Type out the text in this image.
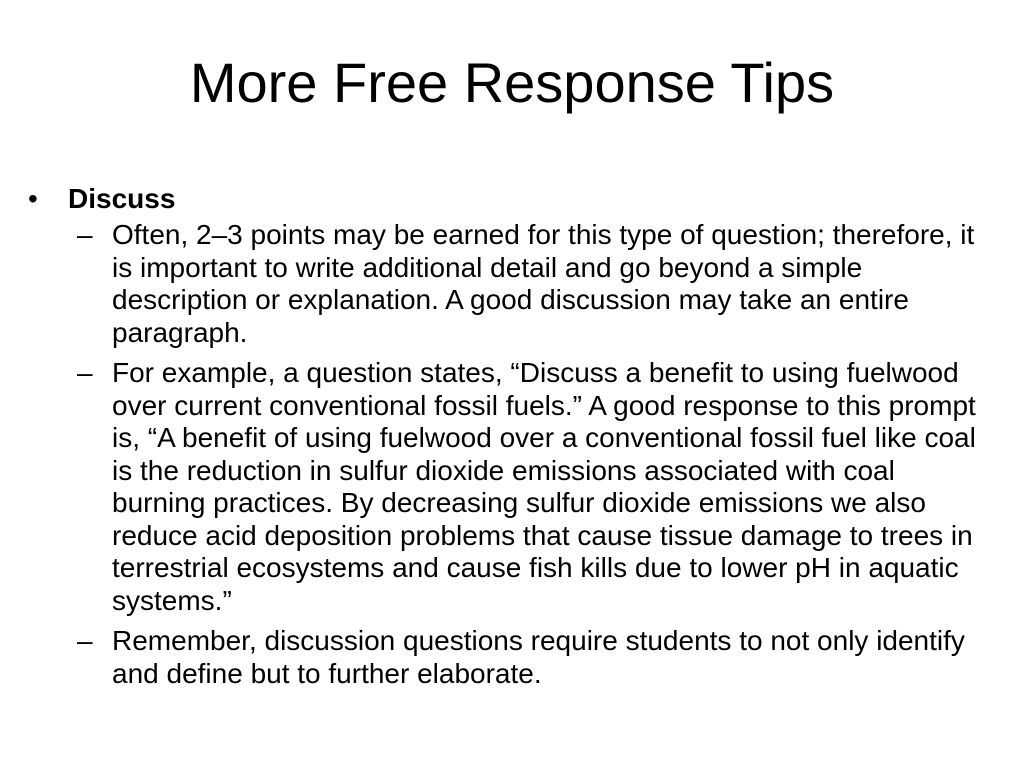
More Free Response Tips
•	Discuss
– Often, 2–3 points may be earned for this type of question; therefore, it is important to write additional detail and go beyond a simple description or explanation. A good discussion may take an entire paragraph.
– For example, a question states, “Discuss a benefit to using fuelwood over current conventional fossil fuels.” A good response to this prompt is, “A benefit of using fuelwood over a conventional fossil fuel like coal is the reduction in sulfur dioxide emissions associated with coal burning practices. By decreasing sulfur dioxide emissions we also reduce acid deposition problems that cause tissue damage to trees in terrestrial ecosystems and cause fish kills due to lower pH in aquatic systems.”
– Remember, discussion questions require students to not only identify and define but to further elaborate.
